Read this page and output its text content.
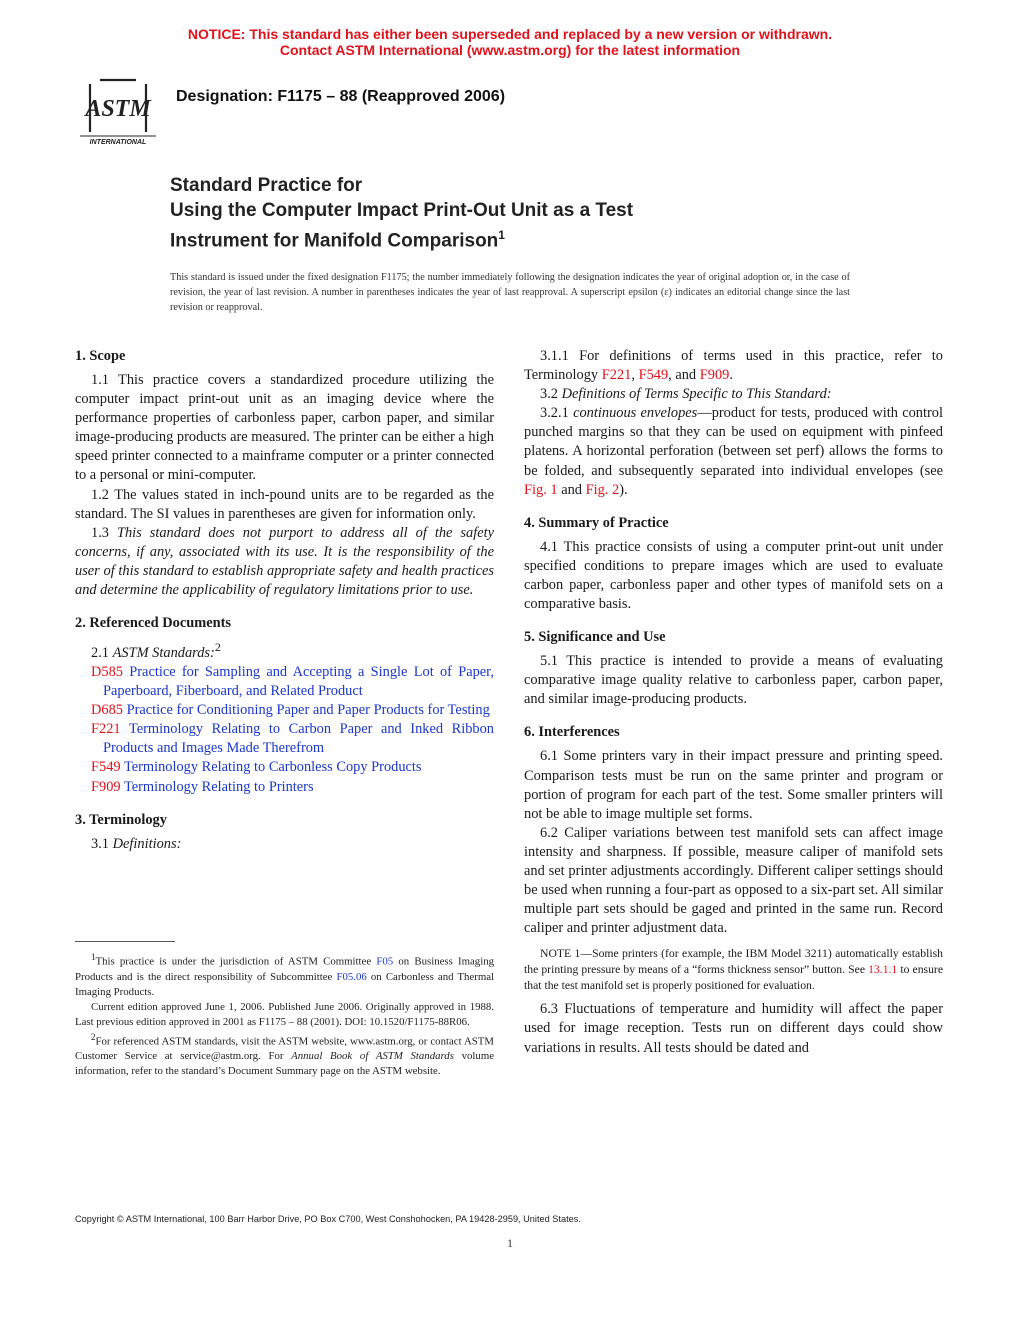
NOTICE: This standard has either been superseded and replaced by a new version or withdrawn.
Contact ASTM International (www.astm.org) for the latest information
ASTM
INTERNATIONAL
Designation: F1175 – 88 (Reapproved 2006)
Standard Practice for
Using the Computer Impact Print-Out Unit as a Test
Instrument for Manifold Comparison$^1$
This standard is issued under the fixed designation F1175; the number immediately following the designation indicates the year of original adoption or, in the case of revision, the year of last revision. A number in parentheses indicates the year of last reapproval. A superscript epsilon (ε) indicates an editorial change since the last revision or reapproval.
1. Scope

1.1 This practice covers a standardized procedure utilizing the computer impact print-out unit as an imaging device where the performance properties of carbonless paper, carbon paper, and similar image-producing products are measured. The printer can be either a high speed printer connected to a mainframe computer or a printer connected to a personal or mini-computer.

1.2 The values stated in inch-pound units are to be regarded as the standard. The SI values in parentheses are given for information only.

1.3 This standard does not purport to address all of the safety concerns, if any, associated with its use. It is the responsibility of the user of this standard to establish appropriate safety and health practices and determine the applicability of regulatory limitations prior to use.

2. Referenced Documents

2.1 ASTM Standards:$^2$

D585 Practice for Sampling and Accepting a Single Lot of Paper, Paperboard, Fiberboard, and Related Product
D685 Practice for Conditioning Paper and Paper Products for Testing
F221 Terminology Relating to Carbon Paper and Inked Ribbon Products and Images Made Therefrom
F549 Terminology Relating to Carbonless Copy Products
F909 Terminology Relating to Printers
3. Terminology

3.1 Definitions:

$^1$This practice is under the jurisdiction of ASTM Committee F05 on Business Imaging Products and is the direct responsibility of Subcommittee F05.06 on Carbonless and Thermal Imaging Products.

Current edition approved June 1, 2006. Published June 2006. Originally approved in 1988. Last previous edition approved in 2001 as F1175 – 88 (2001). DOI: 10.1520/F1175-88R06.

$^2$For referenced ASTM standards, visit the ASTM website, www.astm.org, or contact ASTM Customer Service at service@astm.org. For Annual Book of ASTM Standards volume information, refer to the standard’s Document Summary page on the ASTM website.

3.1.1 For definitions of terms used in this practice, refer to Terminology F221, F549, and F909.

3.2 Definitions of Terms Specific to This Standard:

3.2.1 continuous envelopes—product for tests, produced with control punched margins so that they can be used on equipment with pinfeed platens. A horizontal perforation (between set perf) allows the forms to be folded, and subsequently separated into individual envelopes (see Fig. 1 and Fig. 2).

4. Summary of Practice

4.1 This practice consists of using a computer print-out unit under specified conditions to prepare images which are used to evaluate carbon paper, carbonless paper and other types of manifold sets on a comparative basis.

5. Significance and Use

5.1 This practice is intended to provide a means of evaluating comparative image quality relative to carbonless paper, carbon paper, and similar image-producing products.

6. Interferences

6.1 Some printers vary in their impact pressure and printing speed. Comparison tests must be run on the same printer and program or portion of program for each part of the test. Some smaller printers will not be able to image multiple set forms.

6.2 Caliper variations between test manifold sets can affect image intensity and sharpness. If possible, measure caliper of manifold sets and set printer adjustments accordingly. Different caliper settings should be used when running a four-part as opposed to a six-part set. All similar multiple part sets should be gaged and printed in the same run. Record caliper and printer adjustment data.

NOTE 1—Some printers (for example, the IBM Model 3211) automatically establish the printing pressure by means of a “forms thickness sensor” button. See 13.1.1 to ensure that the test manifold set is properly positioned for evaluation.

6.3 Fluctuations of temperature and humidity will affect the paper used for image reception. Tests run on different days could show variations in results. All tests should be dated and

Copyright © ASTM International, 100 Barr Harbor Drive, PO Box C700, West Conshohocken, PA 19428-2959, United States.
1
